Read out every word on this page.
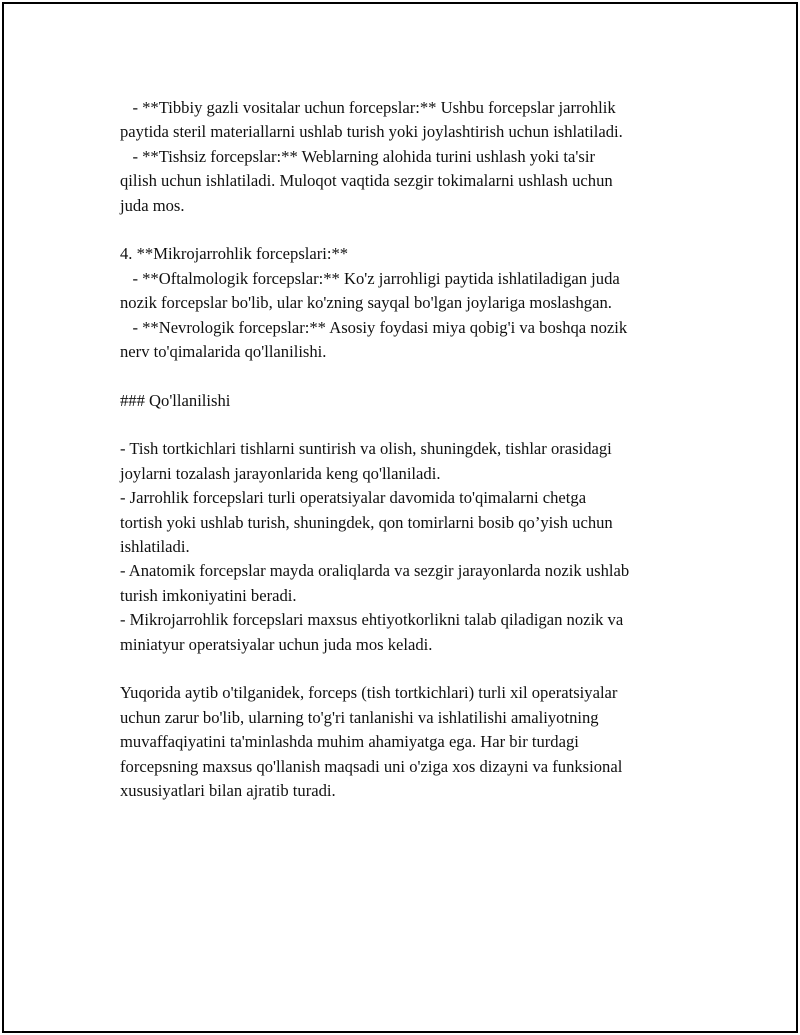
- **Tibbiy gazli vositalar uchun forcepslar:** Ushbu forcepslar jarrohlik
paytida steril materiallarni ushlab turish yoki joylashtirish uchun ishlatiladi.
- **Tishsiz forcepslar:** Weblarning alohida turini ushlash yoki ta'sir
qilish uchun ishlatiladi. Muloqot vaqtida sezgir tokimalarni ushlash uchun
juda mos.
4. **Mikrojarrohlik forcepslari:**
- **Oftalmologik forcepslar:** Ko'z jarrohligi paytida ishlatiladigan juda
nozik forcepslar bo'lib, ular ko'zning sayqal bo'lgan joylariga moslashgan.
- **Nevrologik forcepslar:** Asosiy foydasi miya qobig'i va boshqa nozik
nerv to'qimalarida qo'llanilishi.
### Qo'llanilishi
- Tish tortkichlari tishlarni suntirish va olish, shuningdek, tishlar orasidagi
joylarni tozalash jarayonlarida keng qo'llaniladi.
- Jarrohlik forcepslari turli operatsiyalar davomida to'qimalarni chetga
tortish yoki ushlab turish, shuningdek, qon tomirlarni bosib qo’yish uchun
ishlatiladi.
- Anatomik forcepslar mayda oraliqlarda va sezgir jarayonlarda nozik ushlab
turish imkoniyatini beradi.
- Mikrojarrohlik forcepslari maxsus ehtiyotkorlikni talab qiladigan nozik va
miniatyur operatsiyalar uchun juda mos keladi.
Yuqorida aytib o'tilganidek, forceps (tish tortkichlari) turli xil operatsiyalar
uchun zarur bo'lib, ularning to'g'ri tanlanishi va ishlatilishi amaliyotning
muvaffaqiyatini ta'minlashda muhim ahamiyatga ega. Har bir turdagi
forcepsning maxsus qo'llanish maqsadi uni o'ziga xos dizayni va funksional
xususiyatlari bilan ajratib turadi.
